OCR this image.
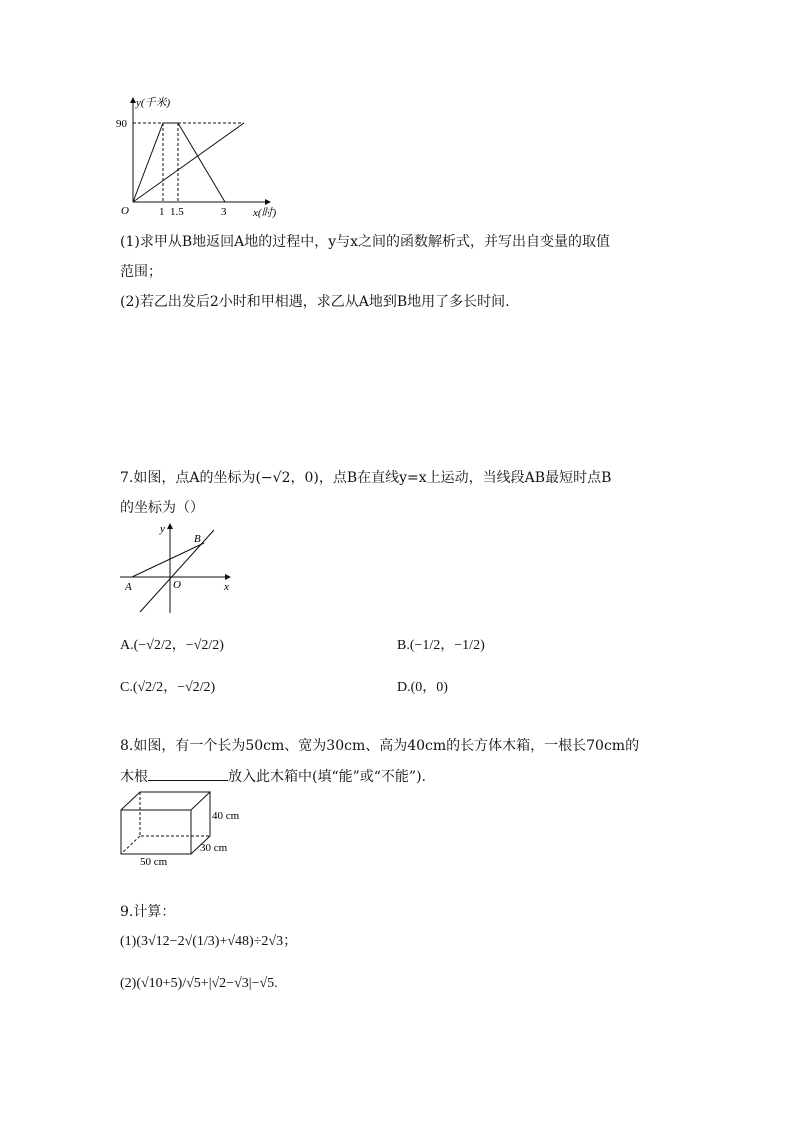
y(千米)
90
O	1 1.5	3 x(时)
(1)求甲从B地返回A地的过程中，y与x之间的函数解析式，并写出自变量的取值
范围；
(2)若乙出发后2小时和甲相遇，求乙从A地到B地用了多长时间.
7.如图，点A的坐标为(−√2，0)，点B在直线y=x上运动，当线段AB最短时点B
的坐标为（）
y
x
B
A	O
A.(−√2/2，−√2/2)	B.(−1/2，−1/2)
C.(√2/2，−√2/2)	D.(0，0)
8.如图，有一个长为50cm、宽为30cm、高为40cm的长方体木箱，一根长70cm的
木根	放入此木箱中(填“能”或“不能”).
40 cm
30 cm
50 cm
9.计算：
(1)(3√12−2√(1/3)+√48)÷2√3；
(2)(√10+5)/√5+|√2−√3|−√5.
